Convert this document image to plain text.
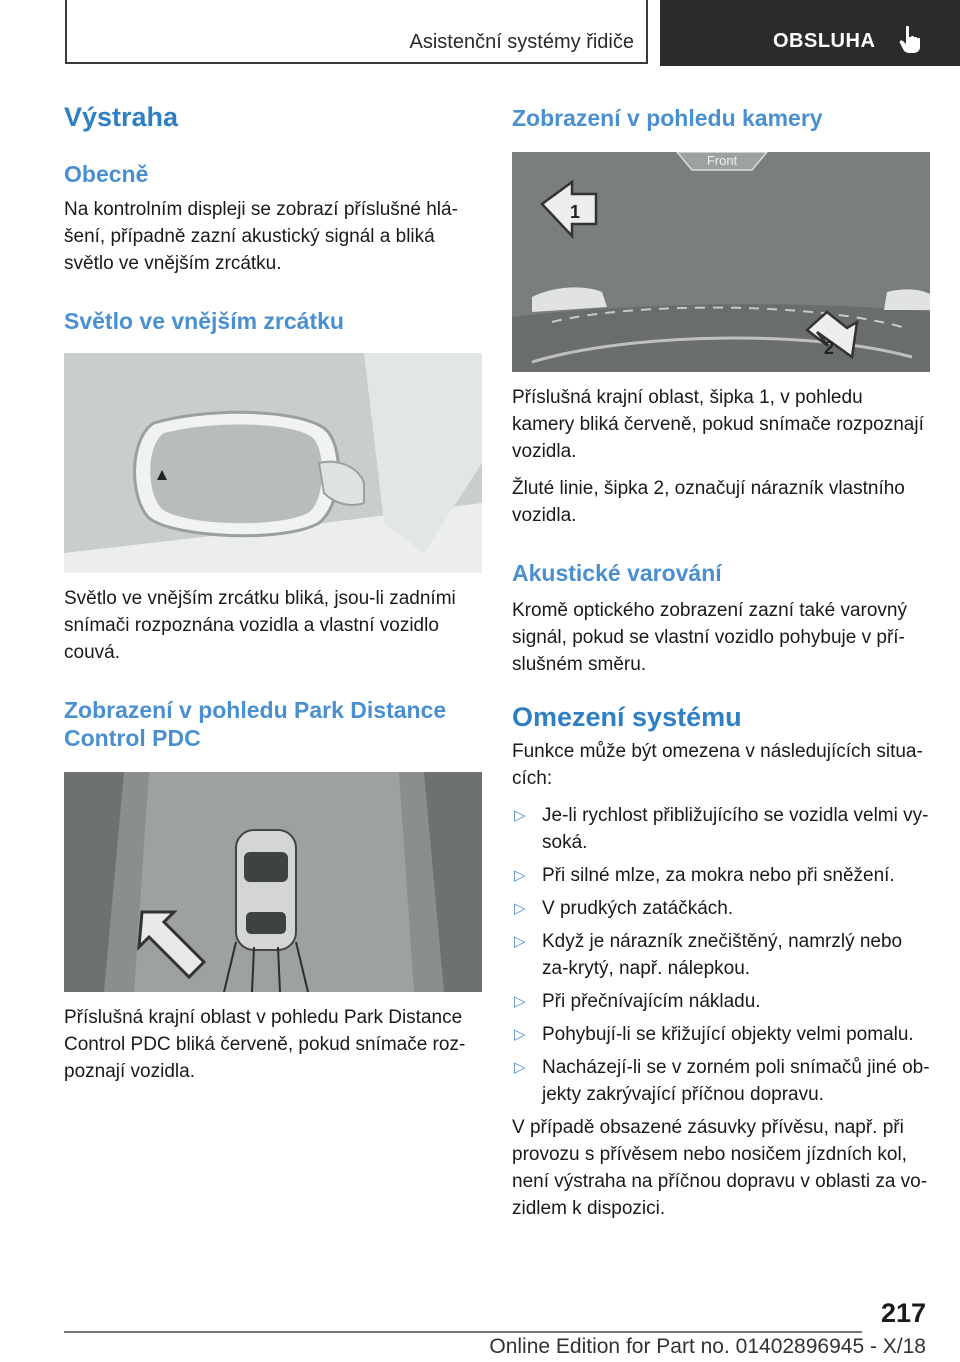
Asistenční systémy řidiče	OBSLUHA
Výstraha
Obecně

Na kontrolním displeji se zobrazí příslušné hlá-šení, případně zazní akustický signál a bliká světlo ve vnějším zrcátku.

Světlo ve vnějším zrcátku

Světlo ve vnějším zrcátku bliká, jsou-li zadními snímači rozpoznána vozidla a vlastní vozidlo couvá.

Zobrazení v pohledu Park Distance Control PDC

Příslušná krajní oblast v pohledu Park Distance Control PDC bliká červeně, pokud snímače roz-poznají vozidla.

Zobrazení v pohledu kamery
Front
1
2

Příslušná krajní oblast, šipka 1, v pohledu kamery bliká červeně, pokud snímače rozpoznají vozidla.

Žluté linie, šipka 2, označují nárazník vlastního vozidla.

Akustické varování

Kromě optického zobrazení zazní také varovný signál, pokud se vlastní vozidlo pohybuje v pří-slušném směru.

Omezení systému

Funkce může být omezena v následujících situa-cích:

▷ Je-li rychlost přibližujícího se vozidla velmi vy-soká.
▷ Při silné mlze, za mokra nebo při sněžení.
▷ V prudkých zatáčkách.
▷ Když je nárazník znečištěný, namrzlý nebo za-krytý, např. nálepkou.
▷ Při přečnívajícím nákladu.
▷ Pohybují-li se křižující objekty velmi pomalu.
▷ Nacházejí-li se v zorném poli snímačů jiné ob-jekty zakrývající příčnou dopravu.

V případě obsazené zásuvky přívěsu, např. při provozu s přívěsem nebo nosičem jízdních kol, není výstraha na příčnou dopravu v oblasti za vo-zidlem k dispozici.

217
Online Edition for Part no. 01402896945 - X/18
